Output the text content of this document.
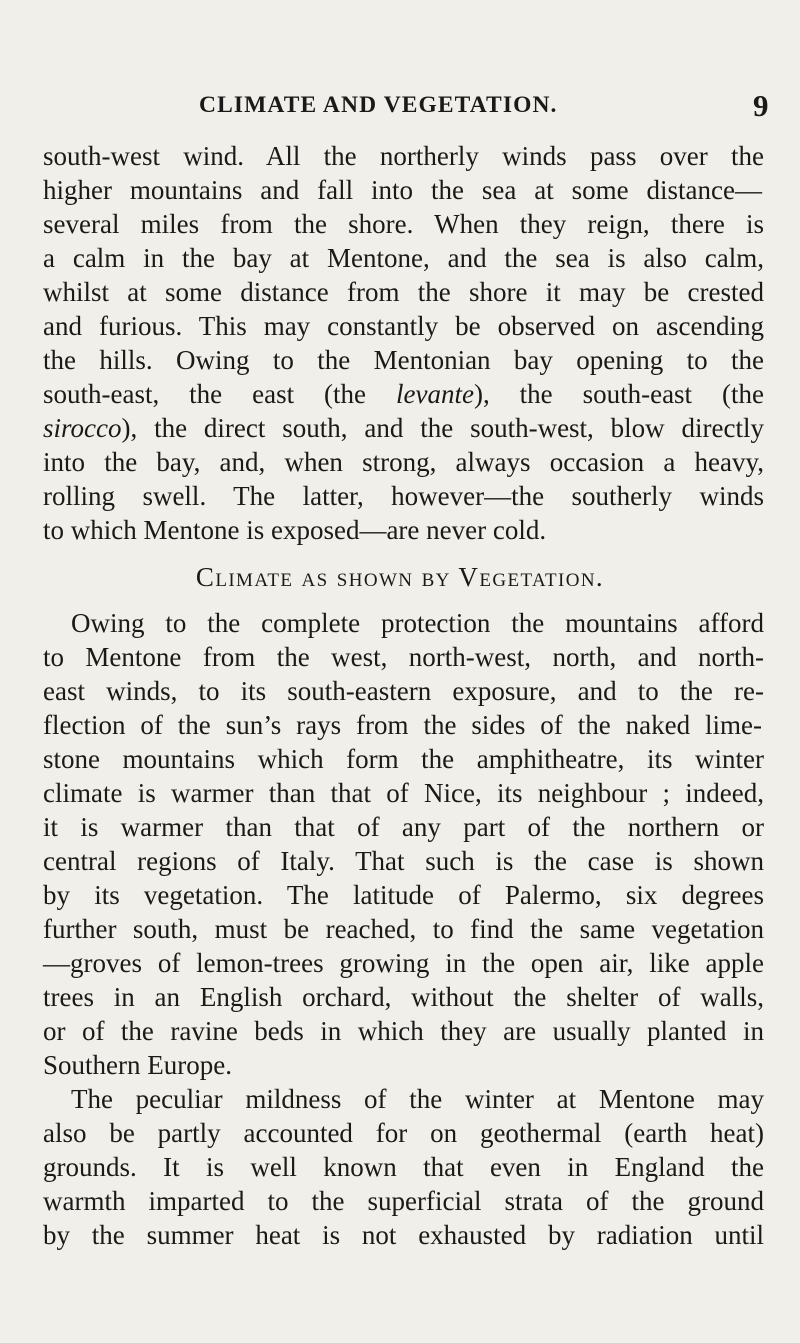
CLIMATE AND VEGETATION.	9
south-west wind. All the northerly winds pass over the
higher mountains and fall into the sea at some distance—
several miles from the shore. When they reign, there is
a calm in the bay at Mentone, and the sea is also calm,
whilst at some distance from the shore it may be crested
and furious. This may constantly be observed on ascending
the hills. Owing to the Mentonian bay opening to the
south-east, the east (the levante), the south-east (the
sirocco), the direct south, and the south-west, blow directly
into the bay, and, when strong, always occasion a heavy,
rolling swell. The latter, however—the southerly winds
to which Mentone is exposed—are never cold.
Climate as shown by Vegetation.
Owing to the complete protection the mountains afford
to Mentone from the west, north-west, north, and north-
east winds, to its south-eastern exposure, and to the re-
flection of the sun’s rays from the sides of the naked lime-
stone mountains which form the amphitheatre, its winter
climate is warmer than that of Nice, its neighbour ; indeed,
it is warmer than that of any part of the northern or
central regions of Italy. That such is the case is shown
by its vegetation. The latitude of Palermo, six degrees
further south, must be reached, to find the same vegetation
—groves of lemon-trees growing in the open air, like apple
trees in an English orchard, without the shelter of walls,
or of the ravine beds in which they are usually planted in
Southern Europe.
The peculiar mildness of the winter at Mentone may
also be partly accounted for on geothermal (earth heat)
grounds. It is well known that even in England the
warmth imparted to the superficial strata of the ground
by the summer heat is not exhausted by radiation until
